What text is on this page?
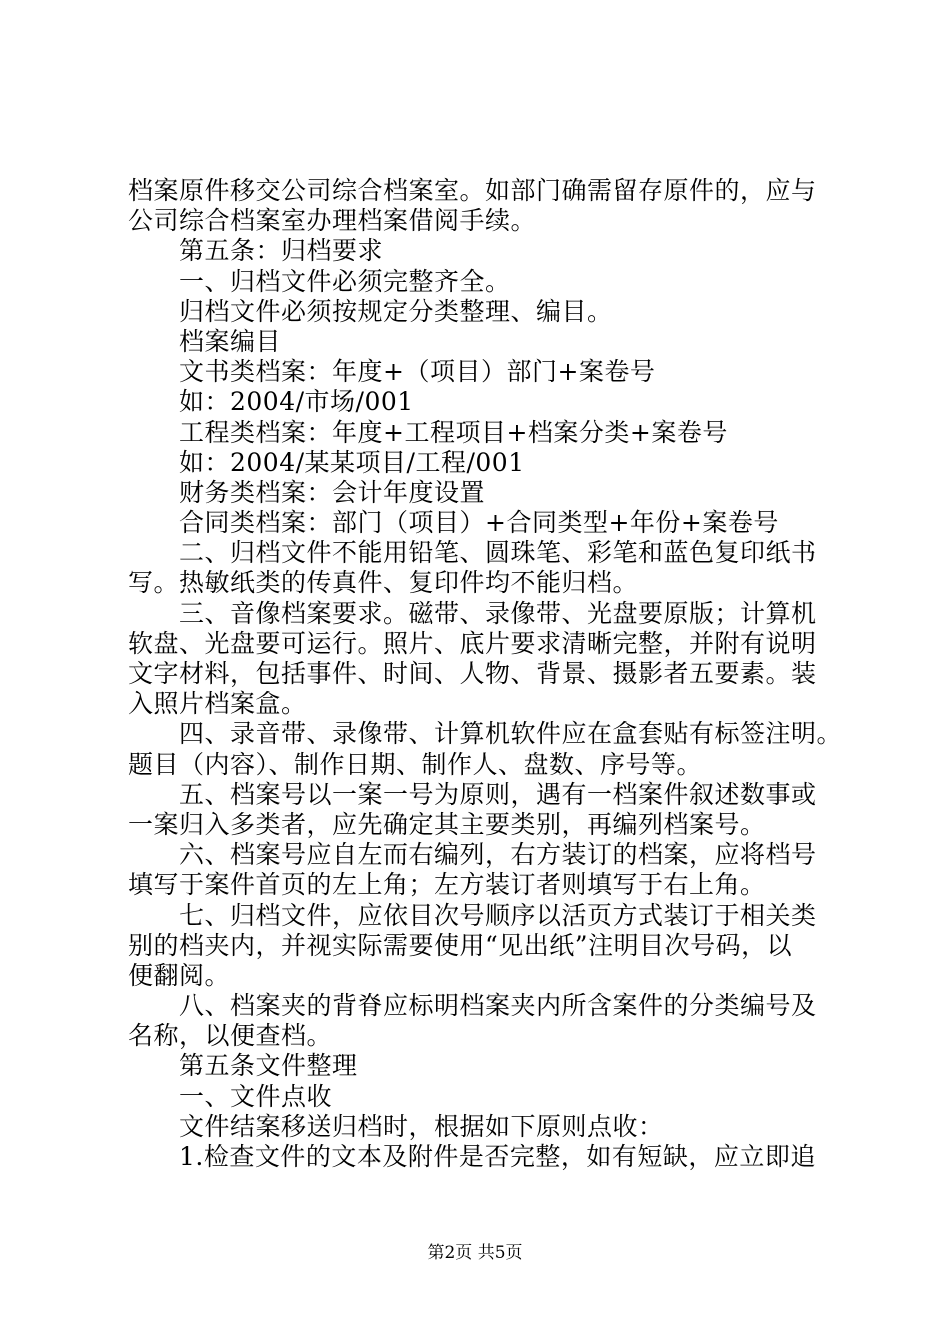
档案原件移交公司综合档案室。如部门确需留存原件的，应与
公司综合档案室办理档案借阅手续。
第五条：归档要求
一、归档文件必须完整齐全。
归档文件必须按规定分类整理、编目。
档案编目
文书类档案：年度+（项目）部门+案卷号
如：2004/市场/001
工程类档案：年度+工程项目+档案分类+案卷号
如：2004/某某项目/工程/001
财务类档案：会计年度设置
合同类档案：部门（项目）+合同类型+年份+案卷号
二、归档文件不能用铅笔、圆珠笔、彩笔和蓝色复印纸书
写。热敏纸类的传真件、复印件均不能归档。
三、音像档案要求。磁带、录像带、光盘要原版；计算机
软盘、光盘要可运行。照片、底片要求清晰完整，并附有说明
文字材料，包括事件、时间、人物、背景、摄影者五要素。装
入照片档案盒。
四、录音带、录像带、计算机软件应在盒套贴有标签注明。
题目（内容）、制作日期、制作人、盘数、序号等。
五、档案号以一案一号为原则，遇有一档案件叙述数事或
一案归入多类者，应先确定其主要类别，再编列档案号。
六、档案号应自左而右编列，右方装订的档案，应将档号
填写于案件首页的左上角；左方装订者则填写于右上角。
七、归档文件，应依目次号顺序以活页方式装订于相关类
别的档夹内，并视实际需要使用“见出纸”注明目次号码，以
便翻阅。
八、档案夹的背脊应标明档案夹内所含案件的分类编号及
名称，以便查档。
第五条文件整理
一、文件点收
文件结案移送归档时，根据如下原则点收：
1.检查文件的文本及附件是否完整，如有短缺，应立即追
第2页 共5页
